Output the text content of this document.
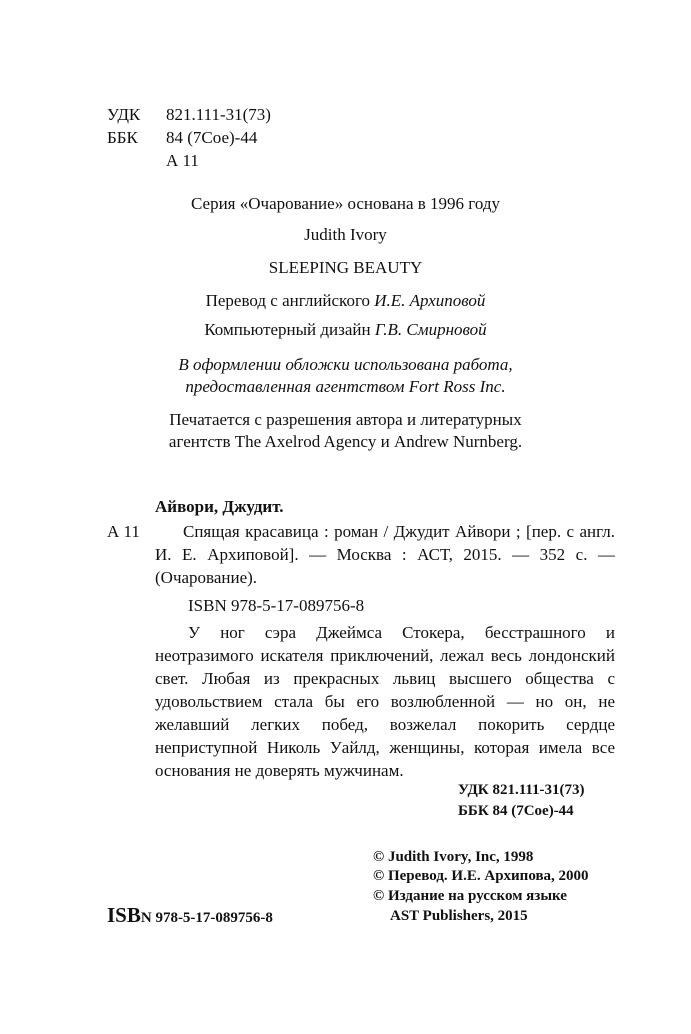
УДК 821.111-31(73)
ББК 84 (7Сое)-44
А 11
Серия «Очарование» основана в 1996 году
Judith Ivory
SLEEPING BEAUTY
Перевод с английского И.Е. Архиповой
Компьютерный дизайн Г.В. Смирновой
В оформлении обложки использована работа,
предоставленная агентством Fort Ross Inc.
Печатается с разрешения автора и литературных
агентств The Axelrod Agency и Andrew Nurnberg.
Айвори, Джудит.
А 11	Спящая красавица : роман / Джудит Айвори ; [пер. с англ. И. Е. Архиповой]. — Москва : АСТ, 2015. — 352 с. — (Очарование).
ISBN 978-5-17-089756-8
У ног сэра Джеймса Стокера, бесстрашного и неотразимого искателя приключений, лежал весь лондонский свет. Любая из прекрасных львиц высшего общества с удовольствием стала бы его возлюбленной — но он, не желавший легких побед, возжелал покорить сердце неприступной Николь Уайлд, женщины, которая имела все основания не доверять мужчинам.
УДК 821.111-31(73)
ББК 84 (7Сое)-44
© Judith Ivory, Inc, 1998
© Перевод. И.Е. Архипова, 2000
© Издание на русском языке
AST Publishers, 2015
ISBN 978-5-17-089756-8
